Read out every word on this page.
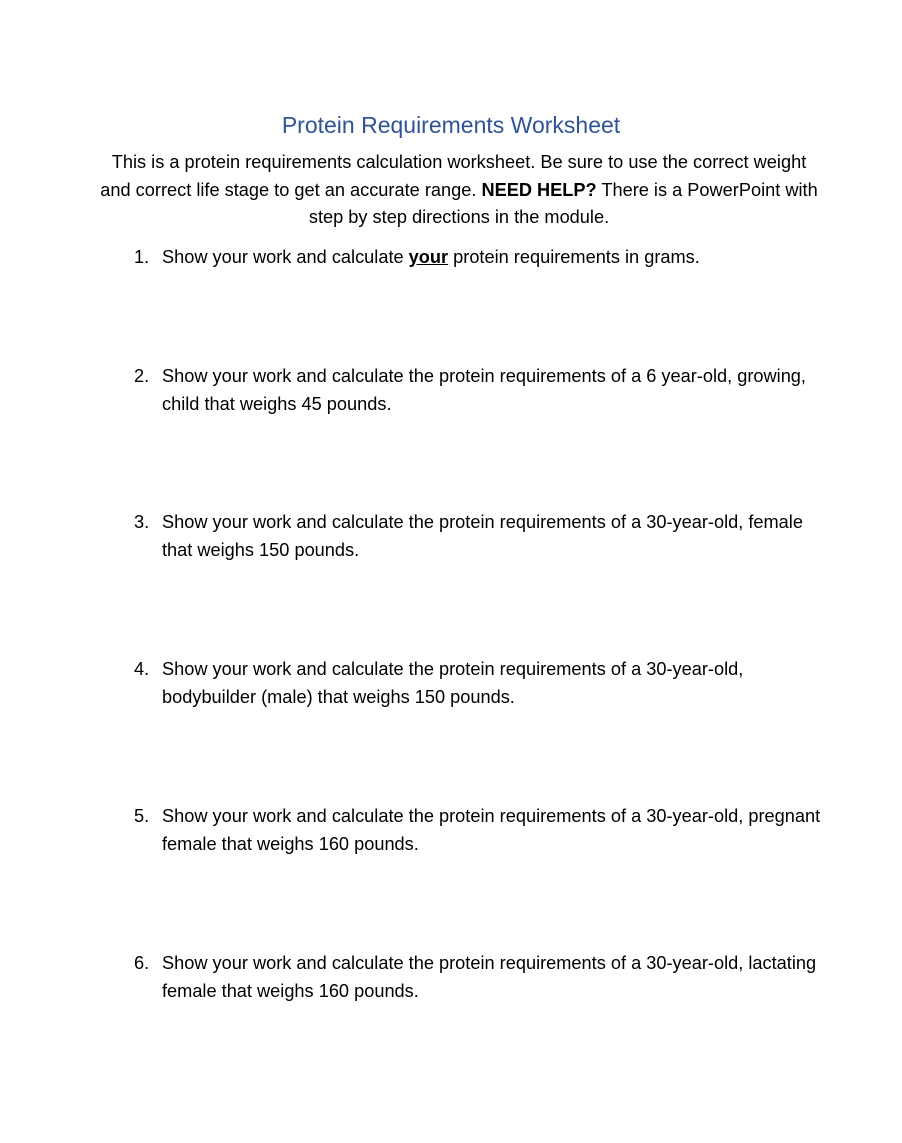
Protein Requirements Worksheet

This is a protein requirements calculation worksheet. Be sure to use the correct weight and correct life stage to get an accurate range. NEED HELP? There is a PowerPoint with step by step directions in the module.

1. Show your work and calculate your protein requirements in grams.
2. Show your work and calculate the protein requirements of a 6 year-old, growing, child that weighs 45 pounds.
3. Show your work and calculate the protein requirements of a 30-year-old, female that weighs 150 pounds.
4. Show your work and calculate the protein requirements of a 30-year-old, bodybuilder (male) that weighs 150 pounds.
5. Show your work and calculate the protein requirements of a 30-year-old, pregnant female that weighs 160 pounds.
6. Show your work and calculate the protein requirements of a 30-year-old, lactating female that weighs 160 pounds.
